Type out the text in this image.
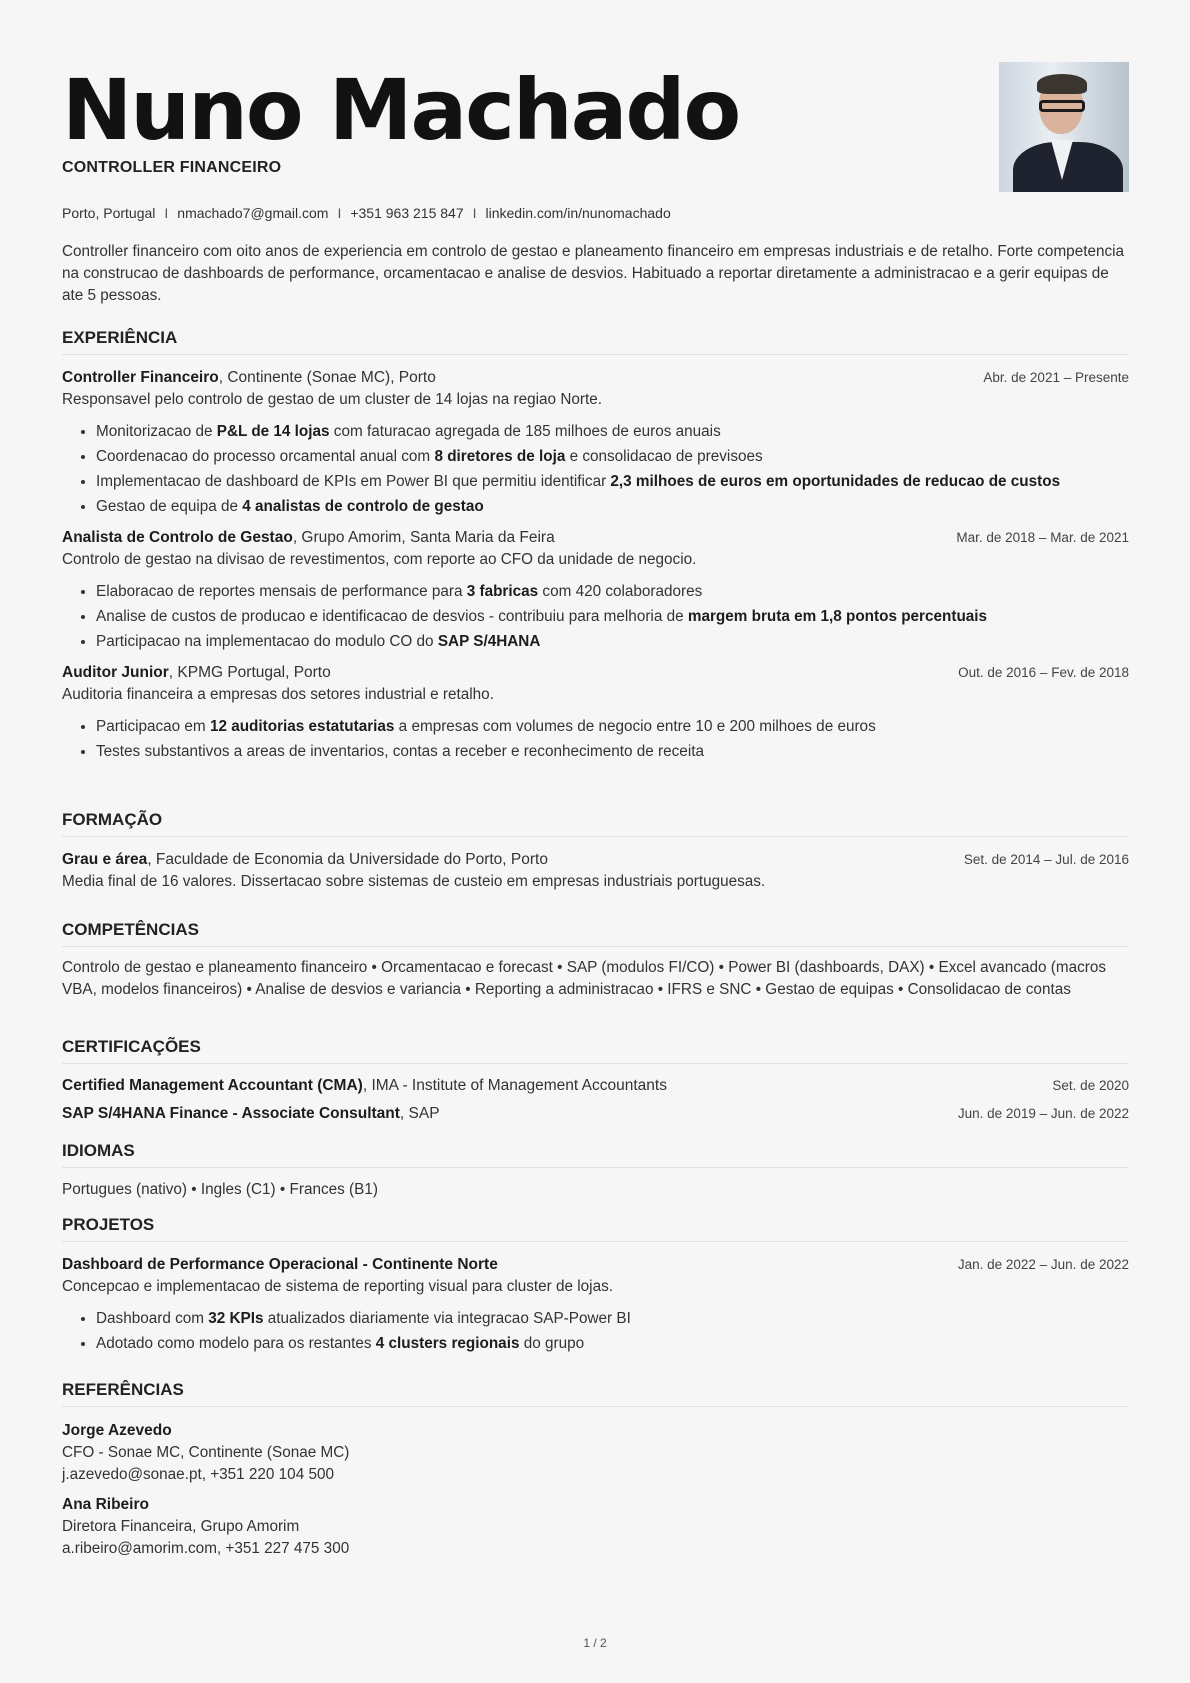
Nuno Machado
CONTROLLER FINANCEIRO
Porto, Portugal I nmachado7@gmail.com I +351 963 215 847 I linkedin.com/in/nunomachado

Controller financeiro com oito anos de experiencia em controlo de gestao e planeamento financeiro em empresas industriais e de retalho. Forte competencia na construcao de dashboards de performance, orcamentacao e analise de desvios. Habituado a reportar diretamente a administracao e a gerir equipas de ate 5 pessoas.

EXPERIÊNCIA
Controller Financeiro, Continente (Sonae MC), Porto	Abr. de 2021 – Presente
Responsavel pelo controlo de gestao de um cluster de 14 lojas na regiao Norte.
• Monitorizacao de P&L de 14 lojas com faturacao agregada de 185 milhoes de euros anuais
• Coordenacao do processo orcamental anual com 8 diretores de loja e consolidacao de previsoes
• Implementacao de dashboard de KPIs em Power BI que permitiu identificar 2,3 milhoes de euros em oportunidades de reducao de custos
• Gestao de equipa de 4 analistas de controlo de gestao
Analista de Controlo de Gestao, Grupo Amorim, Santa Maria da Feira	Mar. de 2018 – Mar. de 2021
Controlo de gestao na divisao de revestimentos, com reporte ao CFO da unidade de negocio.
• Elaboracao de reportes mensais de performance para 3 fabricas com 420 colaboradores
• Analise de custos de producao e identificacao de desvios - contribuiu para melhoria de margem bruta em 1,8 pontos percentuais
• Participacao na implementacao do modulo CO do SAP S/4HANA
Auditor Junior, KPMG Portugal, Porto	Out. de 2016 – Fev. de 2018
Auditoria financeira a empresas dos setores industrial e retalho.
• Participacao em 12 auditorias estatutarias a empresas com volumes de negocio entre 10 e 200 milhoes de euros
• Testes substantivos a areas de inventarios, contas a receber e reconhecimento de receita
FORMAÇÃO
Grau e área, Faculdade de Economia da Universidade do Porto, Porto	Set. de 2014 – Jul. de 2016
Media final de 16 valores. Dissertacao sobre sistemas de custeio em empresas industriais portuguesas.
COMPETÊNCIAS

Controlo de gestao e planeamento financeiro • Orcamentacao e forecast • SAP (modulos FI/CO) • Power BI (dashboards, DAX) • Excel avancado (macros VBA, modelos financeiros) • Analise de desvios e variancia • Reporting a administracao • IFRS e SNC • Gestao de equipas • Consolidacao de contas

CERTIFICAÇÕES
Certified Management Accountant (CMA), IMA - Institute of Management Accountants	Set. de 2020
SAP S/4HANA Finance - Associate Consultant, SAP	Jun. de 2019 – Jun. de 2022
IDIOMAS

Portugues (nativo) • Ingles (C1) • Frances (B1)

PROJETOS
Dashboard de Performance Operacional - Continente Norte	Jan. de 2022 – Jun. de 2022
Concepcao e implementacao de sistema de reporting visual para cluster de lojas.
• Dashboard com 32 KPIs atualizados diariamente via integracao SAP-Power BI
• Adotado como modelo para os restantes 4 clusters regionais do grupo
REFERÊNCIAS
Jorge Azevedo
CFO - Sonae MC, Continente (Sonae MC)
j.azevedo@sonae.pt, +351 220 104 500
Ana Ribeiro
Diretora Financeira, Grupo Amorim
a.ribeiro@amorim.com, +351 227 475 300
1 / 2
